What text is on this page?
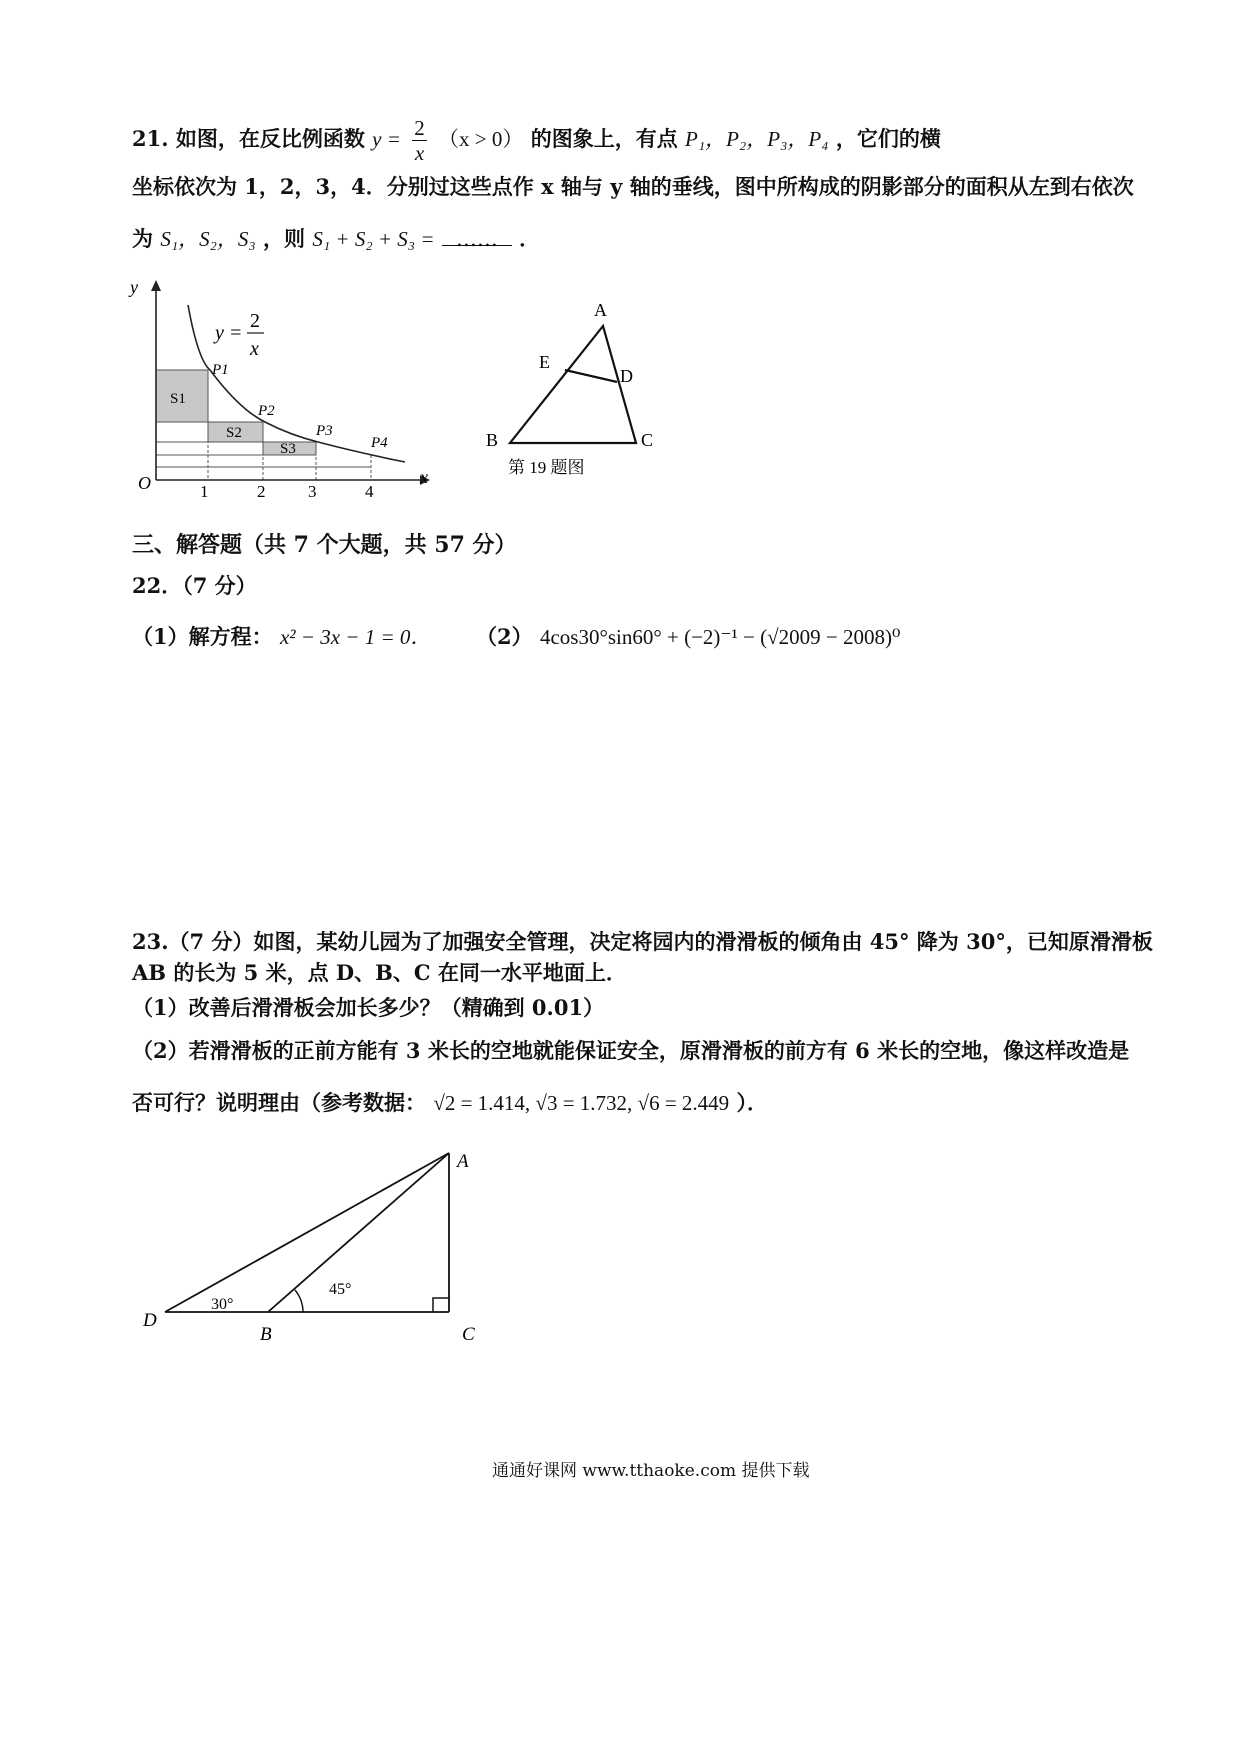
21. 如图，在反比例函数 $y = \frac{2}{x} (x > 0)$ 的图象上，有点 P₁，P₂，P₃，P₄ ，它们的横
坐标依次为 1，2，3，4．分别过这些点作 x 轴与 y 轴的垂线，图中所构成的阴影部分的面积从左到右依次
为 S₁，S₂，S₃ ，则 S₁ + S₂ + S₃ = …… ．
y
x
O
y =
2
x
1	2	3	4
P1
P2
P3
P4
S1
S2
S3
A
E
D
B	C
第 19 题图
三、解答题（共 7 个大题，共 57 分）
22．（7 分）
（1）解方程： x² − 3x − 1 = 0． （2） 4cos30°sin60° + (−2)⁻¹ − (√2009 − 2008)⁰
23.（7 分）如图，某幼儿园为了加强安全管理，决定将园内的滑滑板的倾角由 45° 降为 30°，已知原滑滑板
AB 的长为 5 米，点 D、B、C 在同一水平地面上．
（1）改善后滑滑板会加长多少？（精确到 0.01）
（2）若滑滑板的正前方能有 3 米长的空地就能保证安全，原滑滑板的前方有 6 米长的空地，像这样改造是
否可行？说明理由（参考数据： √2 = 1.414, √3 = 1.732, √6 = 2.449 ）．
A
D
B	C
30°
45°
通通好课网 www.tthaoke.com 提供下载
